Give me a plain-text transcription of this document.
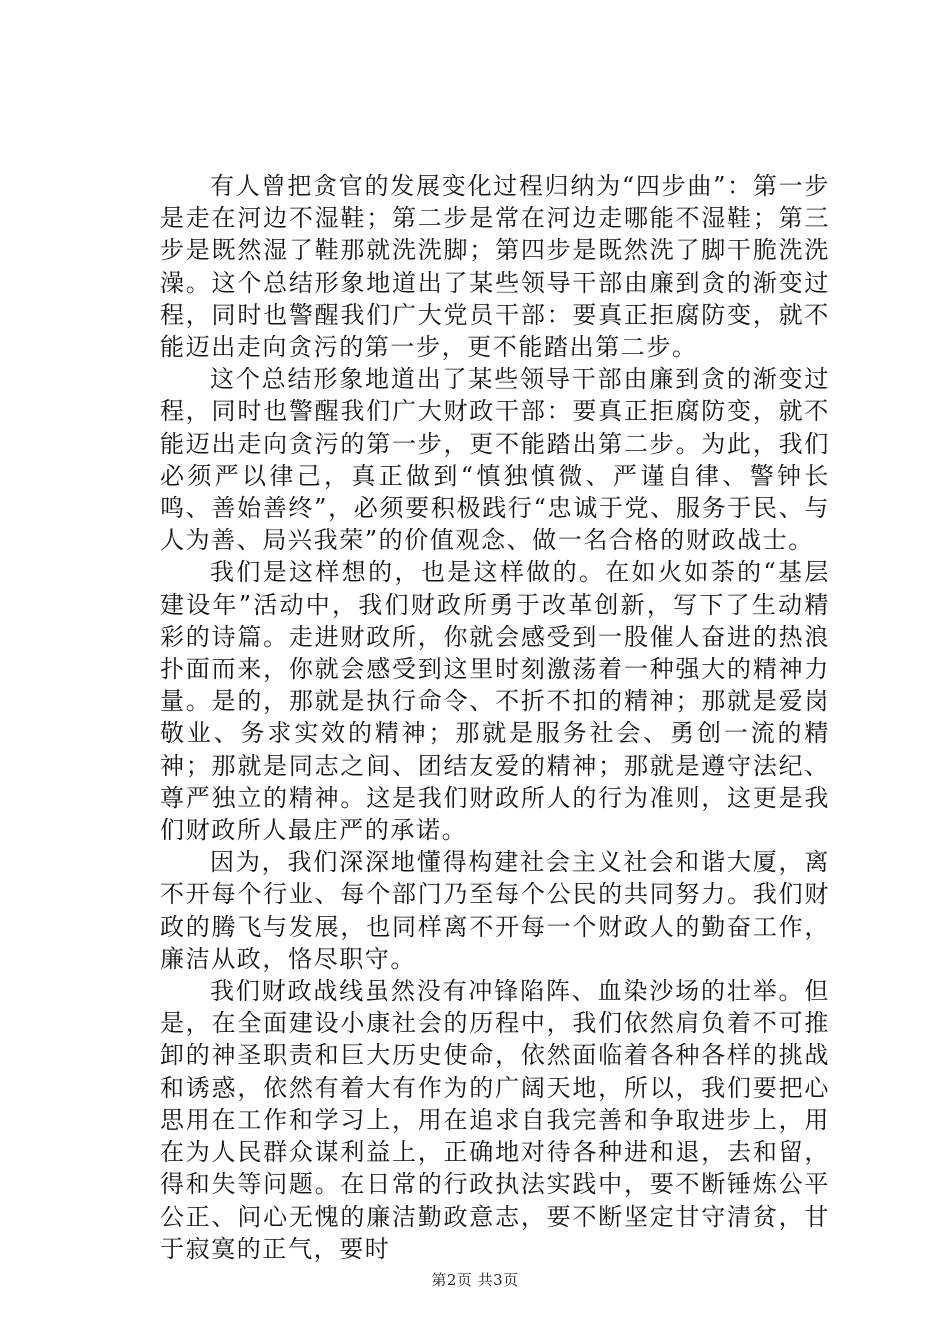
有人曾把贪官的发展变化过程归纳为“四步曲”：第一步是走在河边不湿鞋；第二步是常在河边走哪能不湿鞋；第三步是既然湿了鞋那就洗洗脚；第四步是既然洗了脚干脆洗洗澡。这个总结形象地道出了某些领导干部由廉到贪的渐变过程，同时也警醒我们广大党员干部：要真正拒腐防变，就不能迈出走向贪污的第一步，更不能踏出第二步。

这个总结形象地道出了某些领导干部由廉到贪的渐变过程，同时也警醒我们广大财政干部：要真正拒腐防变，就不能迈出走向贪污的第一步，更不能踏出第二步。为此，我们必须严以律己，真正做到“慎独慎微、严谨自律、警钟长鸣、善始善终”，必须要积极践行“忠诚于党、服务于民、与人为善、局兴我荣”的价值观念、做一名合格的财政战士。

我们是这样想的，也是这样做的。在如火如荼的“基层建设年”活动中，我们财政所勇于改革创新，写下了生动精彩的诗篇。走进财政所，你就会感受到一股催人奋进的热浪扑面而来，你就会感受到这里时刻激荡着一种强大的精神力量。是的，那就是执行命令、不折不扣的精神；那就是爱岗敬业、务求实效的精神；那就是服务社会、勇创一流的精神；那就是同志之间、团结友爱的精神；那就是遵守法纪、尊严独立的精神。这是我们财政所人的行为准则，这更是我们财政所人最庄严的承诺。

因为，我们深深地懂得构建社会主义社会和谐大厦，离不开每个行业、每个部门乃至每个公民的共同努力。我们财政的腾飞与发展，也同样离不开每一个财政人的勤奋工作，廉洁从政，恪尽职守。

我们财政战线虽然没有冲锋陷阵、血染沙场的壮举。但是，在全面建设小康社会的历程中，我们依然肩负着不可推卸的神圣职责和巨大历史使命，依然面临着各种各样的挑战和诱惑，依然有着大有作为的广阔天地，所以，我们要把心思用在工作和学习上，用在追求自我完善和争取进步上，用在为人民群众谋利益上，正确地对待各种进和退，去和留，得和失等问题。在日常的行政执法实践中，要不断锤炼公平公正、问心无愧的廉洁勤政意志，要不断坚定甘守清贫，甘于寂寞的正气，要时

第2页 共3页
